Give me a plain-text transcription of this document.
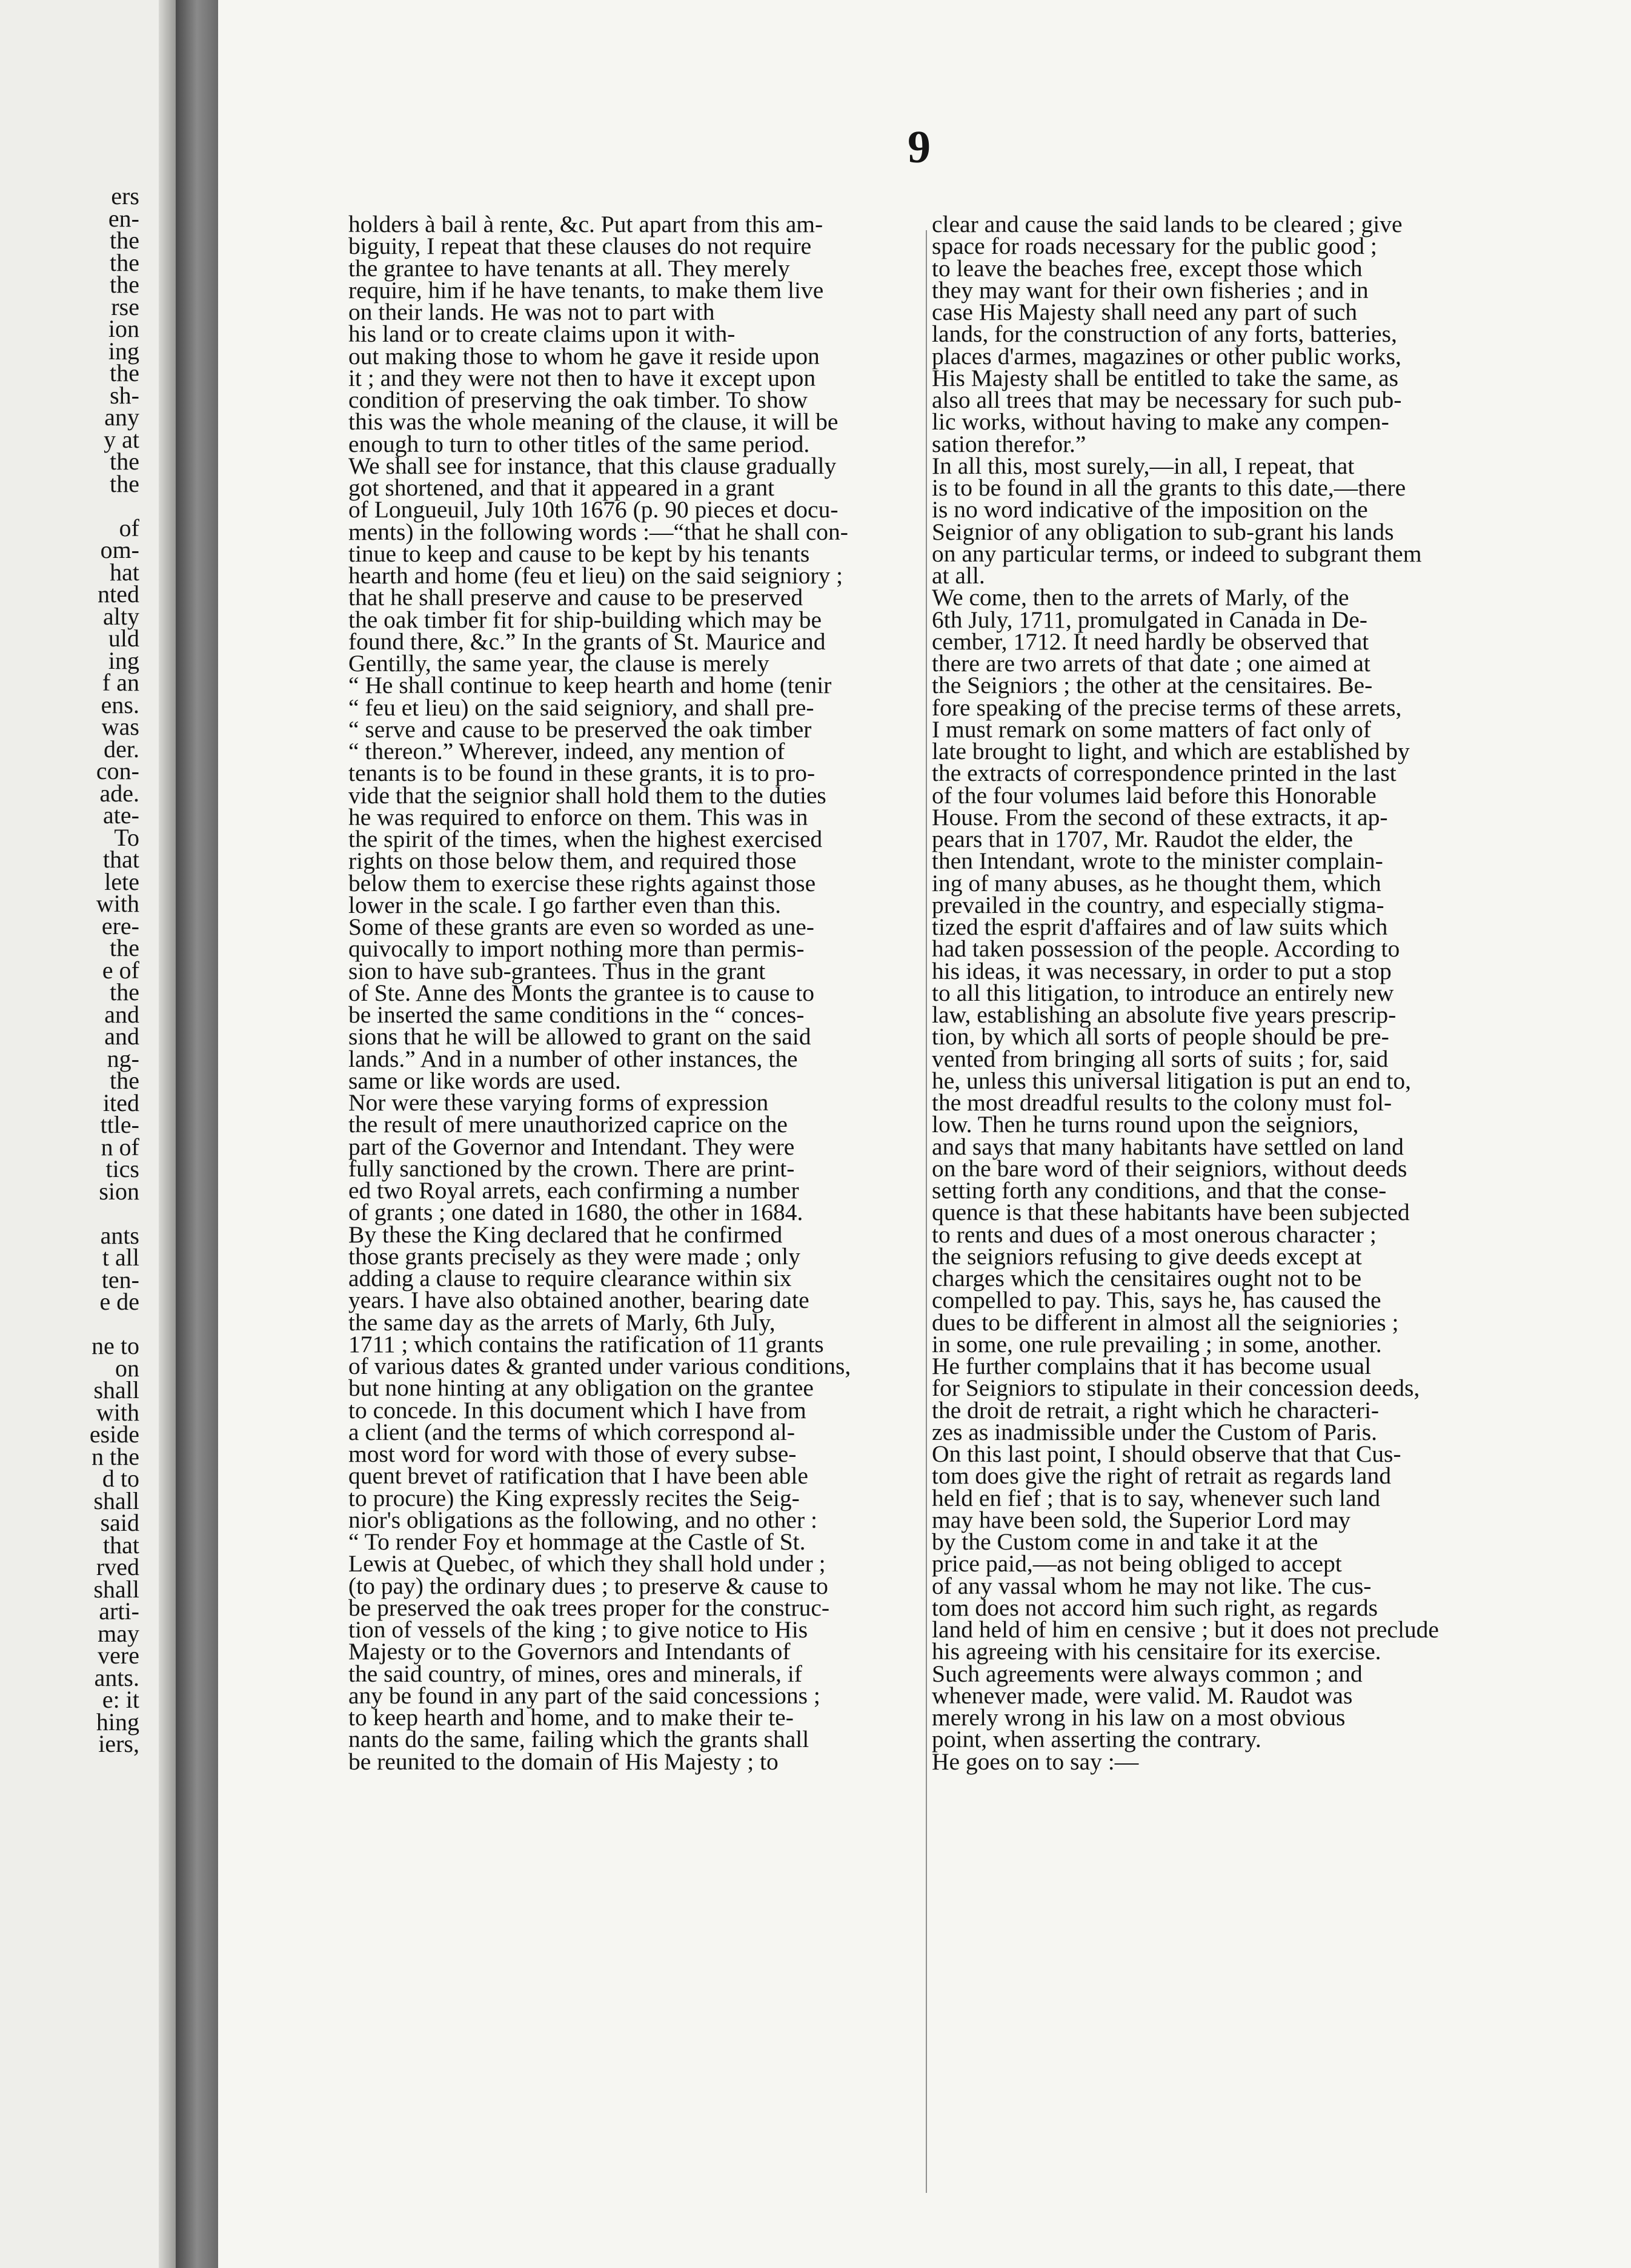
ers
en-
the
the
the
rse
ion
ing
the
sh-
any
y at
the
the
of
om-
hat
nted
alty
uld
ing
f an
ens.
was
der.
con-
ade.
ate-
To
that
lete
with
ere-
the
e of
the
and
and
ng-
the
ited
ttle-
n of
tics
sion
ants
t all
ten-
e de
ne to
on
shall
with
eside
n the
d to
shall
said
that
rved
shall
arti-
may
vere
ants.
e: it
hing
iers,
9
holders à bail à rente, &c. Put apart from this am-
biguity, I repeat that these clauses do not require
the grantee to have tenants at all. They merely
require, him if he have tenants, to make them live
on their lands. He was not to part with
his land or to create claims upon it with-
out making those to whom he gave it reside upon
it ; and they were not then to have it except upon
condition of preserving the oak timber. To show
this was the whole meaning of the clause, it will be
enough to turn to other titles of the same period.
We shall see for instance, that this clause gradually
got shortened, and that it appeared in a grant
of Longueuil, July 10th 1676 (p. 90 pieces et docu-
ments) in the following words :—“that he shall con-
tinue to keep and cause to be kept by his tenants
hearth and home (feu et lieu) on the said seigniory ;
that he shall preserve and cause to be preserved
the oak timber fit for ship-building which may be
found there, &c.” In the grants of St. Maurice and
Gentilly, the same year, the clause is merely
“ He shall continue to keep hearth and home (tenir
“ feu et lieu) on the said seigniory, and shall pre-
“ serve and cause to be preserved the oak timber
“ thereon.” Wherever, indeed, any mention of
tenants is to be found in these grants, it is to pro-
vide that the seignior shall hold them to the duties
he was required to enforce on them. This was in
the spirit of the times, when the highest exercised
rights on those below them, and required those
below them to exercise these rights against those
lower in the scale. I go farther even than this.
Some of these grants are even so worded as une-
quivocally to import nothing more than permis-
sion to have sub-grantees. Thus in the grant
of Ste. Anne des Monts the grantee is to cause to
be inserted the same conditions in the “ conces-
sions that he will be allowed to grant on the said
lands.” And in a number of other instances, the
same or like words are used.
Nor were these varying forms of expression
the result of mere unauthorized caprice on the
part of the Governor and Intendant. They were
fully sanctioned by the crown. There are print-
ed two Royal arrets, each confirming a number
of grants ; one dated in 1680, the other in 1684.
By these the King declared that he confirmed
those grants precisely as they were made ; only
adding a clause to require clearance within six
years. I have also obtained another, bearing date
the same day as the arrets of Marly, 6th July,
1711 ; which contains the ratification of 11 grants
of various dates & granted under various conditions,
but none hinting at any obligation on the grantee
to concede. In this document which I have from
a client (and the terms of which correspond al-
most word for word with those of every subse-
quent brevet of ratification that I have been able
to procure) the King expressly recites the Seig-
nior's obligations as the following, and no other :
“ To render Foy et hommage at the Castle of St.
Lewis at Quebec, of which they shall hold under ;
(to pay) the ordinary dues ; to preserve & cause to
be preserved the oak trees proper for the construc-
tion of vessels of the king ; to give notice to His
Majesty or to the Governors and Intendants of
the said country, of mines, ores and minerals, if
any be found in any part of the said concessions ;
to keep hearth and home, and to make their te-
nants do the same, failing which the grants shall
be reunited to the domain of His Majesty ; to
clear and cause the said lands to be cleared ; give
space for roads necessary for the public good ;
to leave the beaches free, except those which
they may want for their own fisheries ; and in
case His Majesty shall need any part of such
lands, for the construction of any forts, batteries,
places d'armes, magazines or other public works,
His Majesty shall be entitled to take the same, as
also all trees that may be necessary for such pub-
lic works, without having to make any compen-
sation therefor.”
In all this, most surely,—in all, I repeat, that
is to be found in all the grants to this date,—there
is no word indicative of the imposition on the
Seignior of any obligation to sub-grant his lands
on any particular terms, or indeed to subgrant them
at all.
We come, then to the arrets of Marly, of the
6th July, 1711, promulgated in Canada in De-
cember, 1712. It need hardly be observed that
there are two arrets of that date ; one aimed at
the Seigniors ; the other at the censitaires. Be-
fore speaking of the precise terms of these arrets,
I must remark on some matters of fact only of
late brought to light, and which are established by
the extracts of correspondence printed in the last
of the four volumes laid before this Honorable
House. From the second of these extracts, it ap-
pears that in 1707, Mr. Raudot the elder, the
then Intendant, wrote to the minister complain-
ing of many abuses, as he thought them, which
prevailed in the country, and especially stigma-
tized the esprit d'affaires and of law suits which
had taken possession of the people. According to
his ideas, it was necessary, in order to put a stop
to all this litigation, to introduce an entirely new
law, establishing an absolute five years prescrip-
tion, by which all sorts of people should be pre-
vented from bringing all sorts of suits ; for, said
he, unless this universal litigation is put an end to,
the most dreadful results to the colony must fol-
low. Then he turns round upon the seigniors,
and says that many habitants have settled on land
on the bare word of their seigniors, without deeds
setting forth any conditions, and that the conse-
quence is that these habitants have been subjected
to rents and dues of a most onerous character ;
the seigniors refusing to give deeds except at
charges which the censitaires ought not to be
compelled to pay. This, says he, has caused the
dues to be different in almost all the seigniories ;
in some, one rule prevailing ; in some, another.
He further complains that it has become usual
for Seigniors to stipulate in their concession deeds,
the droit de retrait, a right which he characteri-
zes as inadmissible under the Custom of Paris.
On this last point, I should observe that that Cus-
tom does give the right of retrait as regards land
held en fief ; that is to say, whenever such land
may have been sold, the Superior Lord may
by the Custom come in and take it at the
price paid,—as not being obliged to accept
of any vassal whom he may not like. The cus-
tom does not accord him such right, as regards
land held of him en censive ; but it does not preclude
his agreeing with his censitaire for its exercise.
Such agreements were always common ; and
whenever made, were valid. M. Raudot was
merely wrong in his law on a most obvious
point, when asserting the contrary.
He goes on to say :—
